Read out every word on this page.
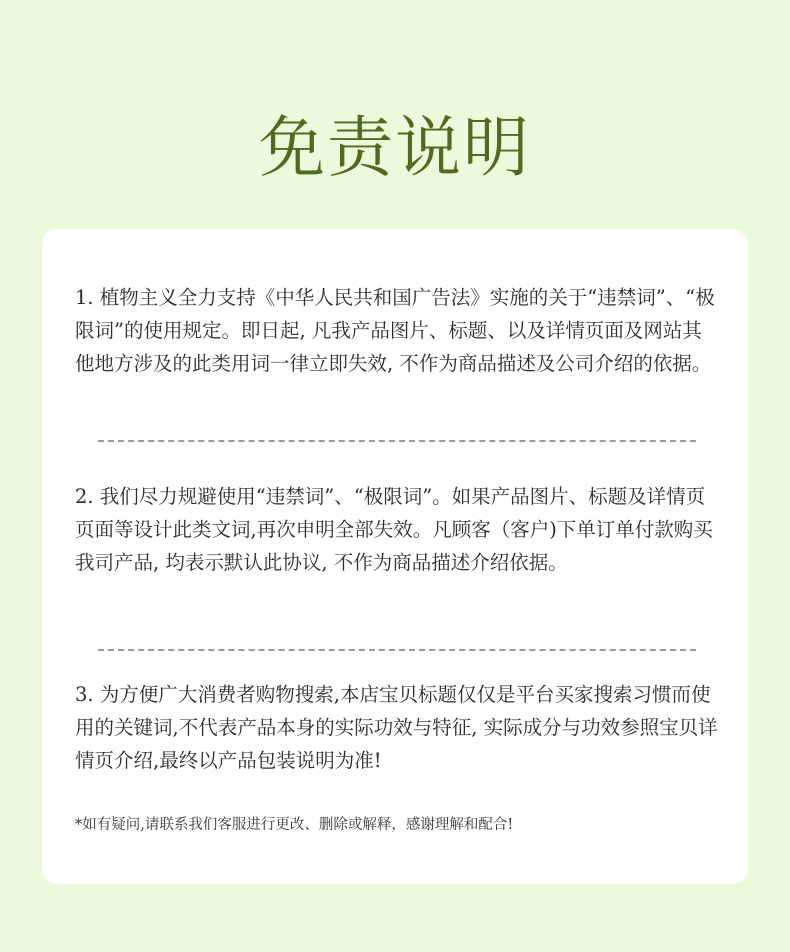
免责说明

1. 植物主义全力支持《中华人民共和国广告法》实施的关于“违禁词”、“极限词”的使用规定。即日起, 凡我产品图片、标题、以及详情页面及网站其他地方涉及的此类用词一律立即失效, 不作为商品描述及公司介绍的依据。

2. 我们尽力规避使用“违禁词”、“极限词”。如果产品图片、标题及详情页页面等设计此类文词,再次申明全部失效。凡顾客（客户)下单订单付款购买我司产品, 均表示默认此协议, 不作为商品描述介绍依据。

3. 为方便广大消费者购物搜索,本店宝贝标题仅仅是平台买家搜索习惯而使用的关键词,不代表产品本身的实际功效与特征, 实际成分与功效参照宝贝详情页介绍,最终以产品包装说明为准!

*如有疑问,请联系我们客服进行更改、删除或解释，感谢理解和配合!
